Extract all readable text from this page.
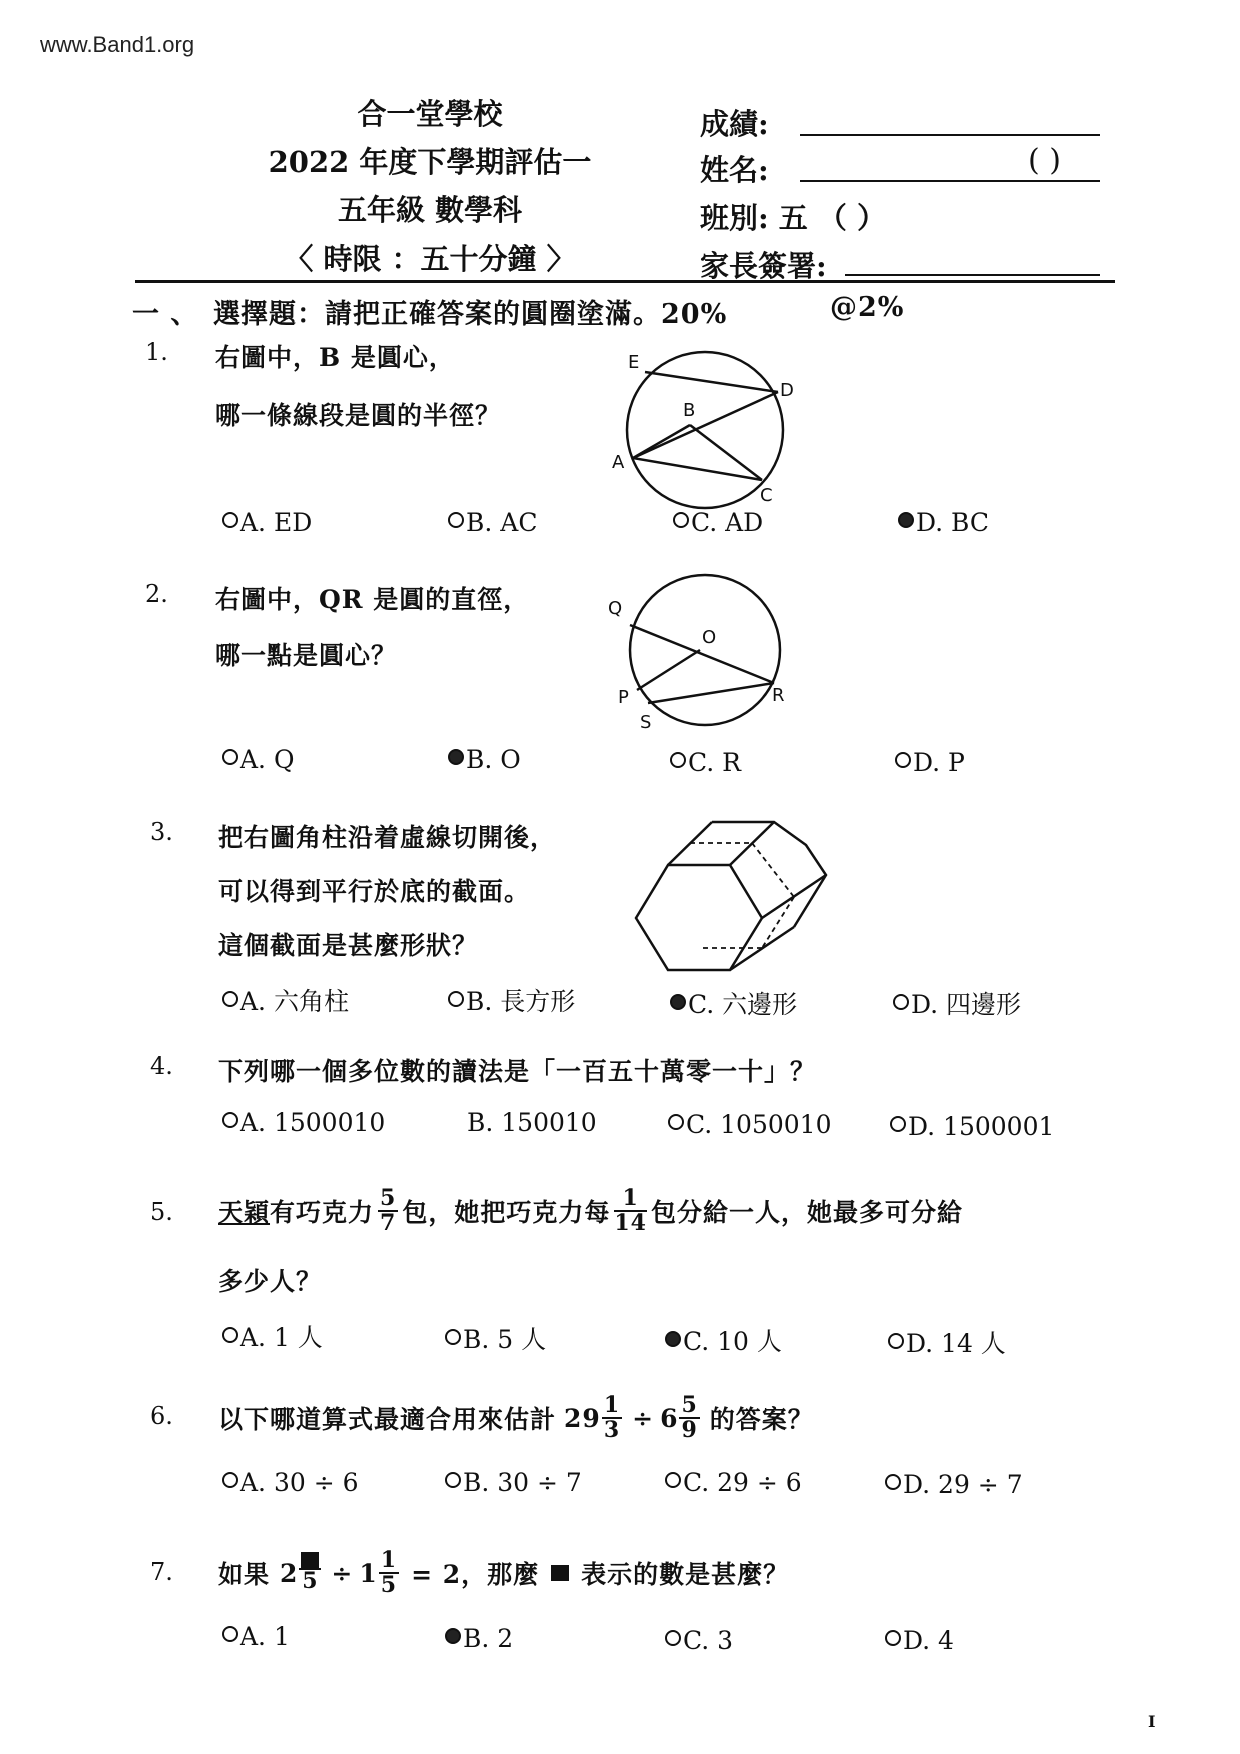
www.Band1.org
合一堂學校
2022 年度下學期評估一
五年級 數學科
〈 時限 ：五十分鐘 〉
成績:
姓名:	( )
班別: 五 （ ）
家長簽署:
一 、 選擇題：請把正確答案的圓圈塗滿。20%	@2%
1. 右圖中，B 是圓心，
哪一條線段是圓的半徑？
E
D
B
A
C
A. ED	B. AC	C. AD	D. BC
2. 右圖中，QR 是圓的直徑，
哪一點是圓心？
Q
O
P	R
S
A. Q	B. O	C. R	D. P
3. 把右圖角柱沿着虛線切開後，
可以得到平行於底的截面。
這個截面是甚麼形狀？
A. 六角柱	B. 長方形	C. 六邊形	D. 四邊形
4. 下列哪一個多位數的讀法是「一百五十萬零一十」？
A. 1500010	B. 150010	C. 1050010	D. 1500001
5. 天穎 有巧克力 $\frac{5}{7}$ 包，她把巧克力每 $\frac{1}{14}$ 包分給一人，她最多可分給
多少人？
A. 1 人	B. 5 人	C. 10 人	D. 14 人
6. 以下哪道算式最適合用來估計 $29 \frac{1}{3} \div 6 \frac{5}{9}$ 的答案？
A. 30 ÷ 6	B. 30 ÷ 7	C. 29 ÷ 6	D. 29 ÷ 7
7. 如果 2 $5 \div 1 \frac{1}{5} = 2$，那麼 表示的數是甚麼？
A. 1	B. 2	C. 3	D. 4
I
